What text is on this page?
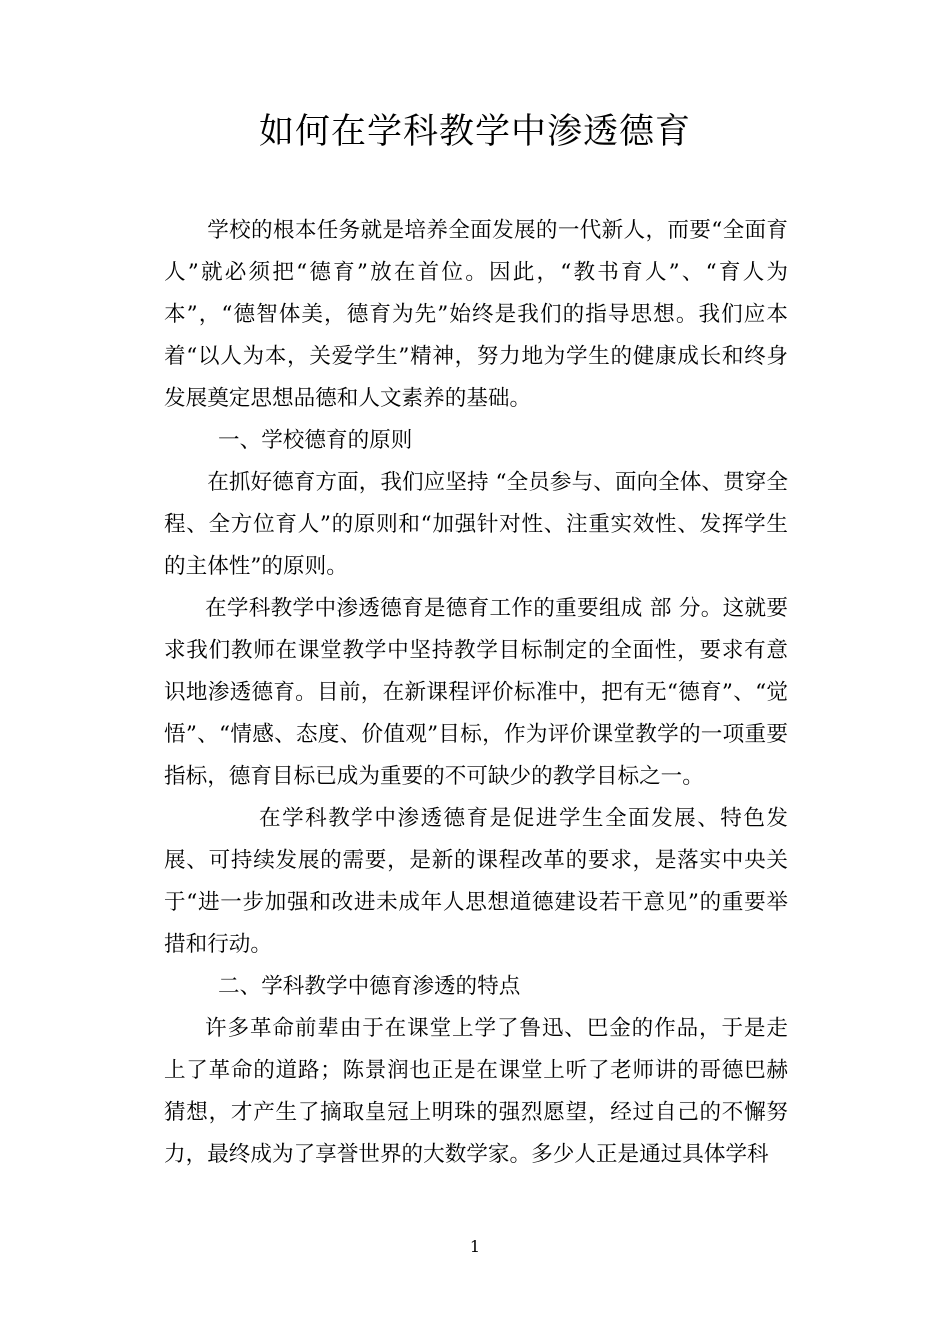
如何在学科教学中渗透德育

学校的根本任务就是培养全面发展的一代新人，而要“全面育人”就必须把“德育”放在首位。因此，“教书育人”、“育人为本”，“德智体美，德育为先”始终是我们的指导思想。我们应本着“以人为本，关爱学生”精神，努力地为学生的健康成长和终身发展奠定思想品德和人文素养的基础。

一、学校德育的原则

在抓好德育方面，我们应坚持 “全员参与、面向全体、贯穿全程、全方位育人”的原则和“加强针对性、注重实效性、发挥学生的主体性”的原则。

在学科教学中渗透德育是德育工作的重要组成 部 分。这就要求我们教师在课堂教学中坚持教学目标制定的全面性，要求有意识地渗透德育。目前，在新课程评价标准中，把有无“德育”、“觉悟”、“情感、态度、价值观”目标，作为评价课堂教学的一项重要指标，德育目标已成为重要的不可缺少的教学目标之一。

在学科教学中渗透德育是促进学生全面发展、特色发展、可持续发展的需要，是新的课程改革的要求，是落实中央关于“进一步加强和改进未成年人思想道德建设若干意见”的重要举措和行动。

二、学科教学中德育渗透的特点

许多革命前辈由于在课堂上学了鲁迅、巴金的作品，于是走上了革命的道路；陈景润也正是在课堂上听了老师讲的哥德巴赫猜想，才产生了摘取皇冠上明珠的强烈愿望，经过自己的不懈努力，最终成为了享誉世界的大数学家。多少人正是通过具体学科

1
